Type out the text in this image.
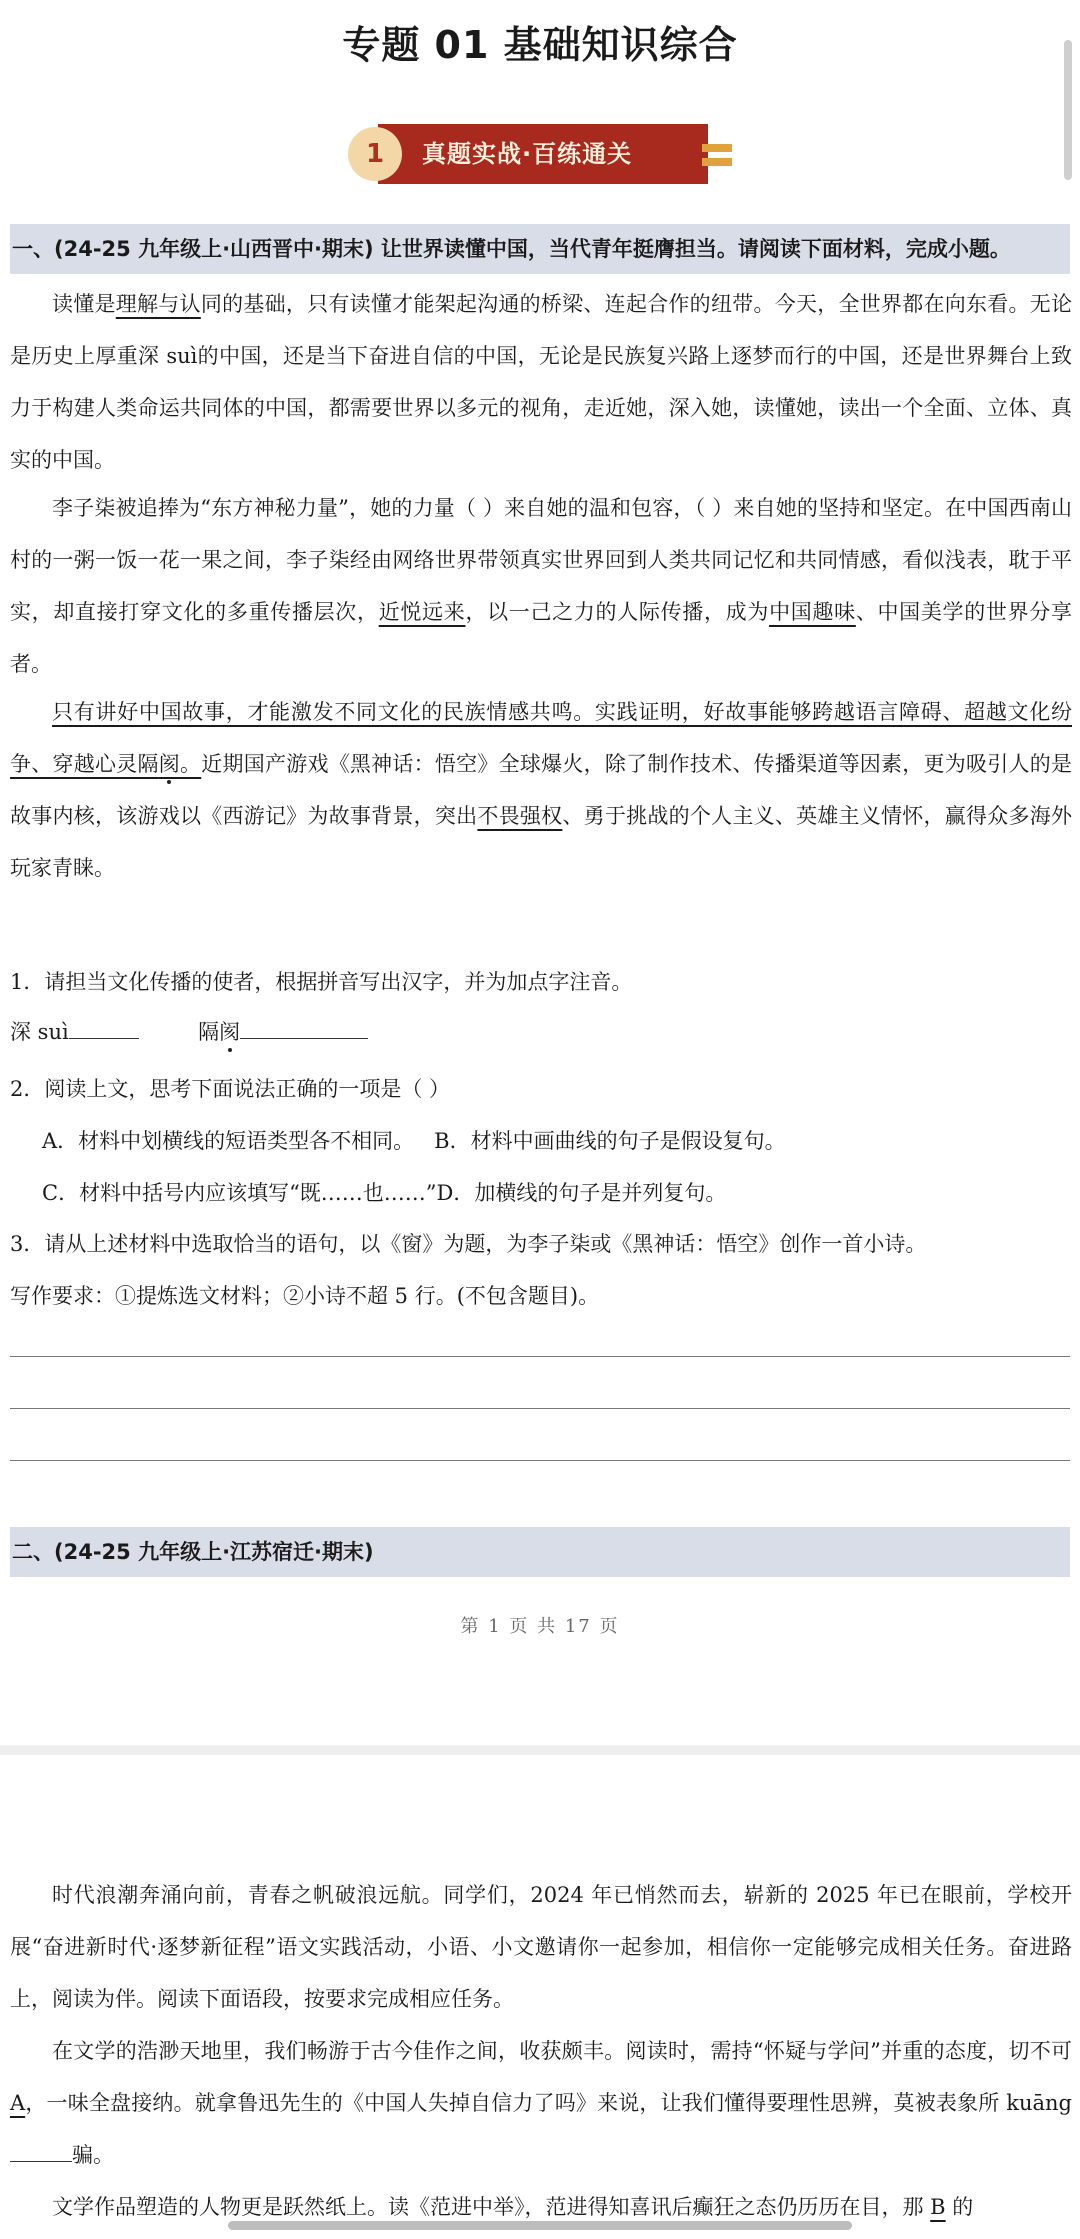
专题 01 基础知识综合
1	真题实战·百练通关
一、(24-25 九年级上·山西晋中·期末) 让世界读懂中国，当代青年挺膺担当。请阅读下面材料，完成小题。

读懂是理解与认同的基础，只有读懂才能架起沟通的桥梁、连起合作的纽带。今天，全世界都在向东看。无论是历史上厚重深 suì的中国，还是当下奋进自信的中国，无论是民族复兴路上逐梦而行的中国，还是世界舞台上致力于构建人类命运共同体的中国，都需要世界以多元的视角，走近她，深入她，读懂她，读出一个全面、立体、真实的中国。

李子柒被追捧为“东方神秘力量”，她的力量（ ）来自她的温和包容，（ ）来自她的坚持和坚定。在中国西南山村的一粥一饭一花一果之间，李子柒经由网络世界带领真实世界回到人类共同记忆和共同情感，看似浅表，耽于平实，却直接打穿文化的多重传播层次，近悦远来，以一己之力的人际传播，成为中国趣味、中国美学的世界分享者。

只有讲好中国故事，才能激发不同文化的民族情感共鸣。实践证明，好故事能够跨越语言障碍、超越文化纷争、穿越心灵隔阂。近期国产游戏《黑神话：悟空》全球爆火，除了制作技术、传播渠道等因素，更为吸引人的是故事内核，该游戏以《西游记》为故事背景，突出不畏强权、勇于挑战的个人主义、英雄主义情怀，赢得众多海外玩家青睐。

1．请担当文化传播的使者，根据拼音写出汉字，并为加点字注音。
深 suì	隔阂
2．阅读上文，思考下面说法正确的一项是（ ）
A．材料中划横线的短语类型各不相同。 B．材料中画曲线的句子是假设复句。
C．材料中括号内应该填写“既……也……”D．加横线的句子是并列复句。
3．请从上述材料中选取恰当的语句，以《窗》为题，为李子柒或《黑神话：悟空》创作一首小诗。
写作要求：①提炼选文材料；②小诗不超 5 行。(不包含题目)。
二、(24-25 九年级上·江苏宿迁·期末)
第 1 页 共 17 页

时代浪潮奔涌向前，青春之帆破浪远航。同学们，2024 年已悄然而去，崭新的 2025 年已在眼前，学校开展“奋进新时代·逐梦新征程”语文实践活动，小语、小文邀请你一起参加，相信你一定能够完成相关任务。奋进路上，阅读为伴。阅读下面语段，按要求完成相应任务。

在文学的浩渺天地里，我们畅游于古今佳作之间，收获颇丰。阅读时，需持“怀疑与学问”并重的态度，切不可 A，一味全盘接纳。就拿鲁迅先生的《中国人失掉自信力了吗》来说，让我们懂得要理性思辨，莫被表象所 kuāng骗。

文学作品塑造的人物更是跃然纸上。读《范进中举》，范进得知喜讯后癫狂之态仍历历在目，那 B 的
